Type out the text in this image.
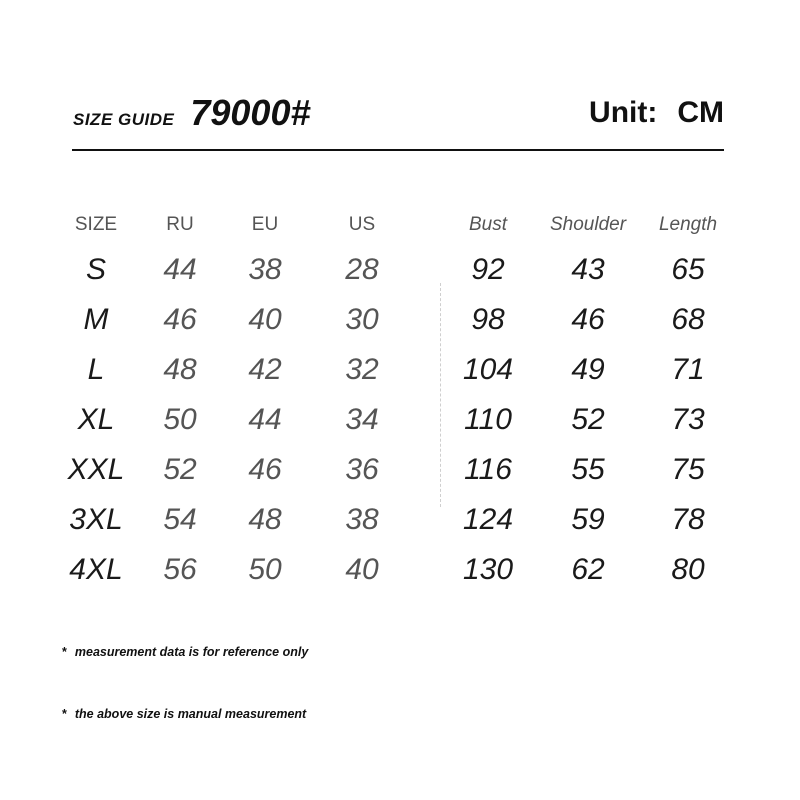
SIZE GUIDE 79000#	Unit: CM
SIZE	RU	EU	US	Bust	Shoulder	Length
S	44	38	28	92	43	65
M	46	40	30	98	46	68
L	48	42	32	104	49	71
XL	50	44	34	110	52	73
XXL	52	46	36	116	55	75
3XL	54	48	38	124	59	78
4XL	56	50	40	130	62	80
* measurement data is for reference only
* the above size is manual measurement
